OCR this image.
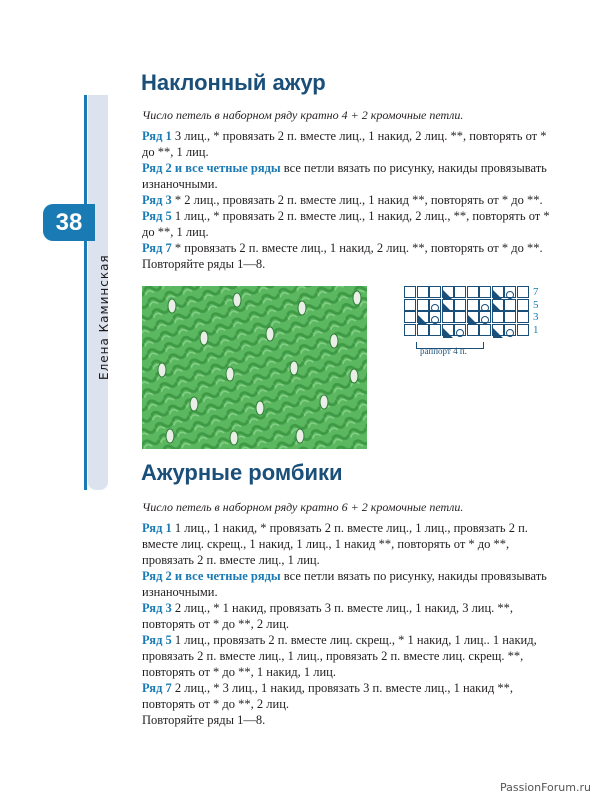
38
Елена Каминская
Наклонный ажур
Число петель в наборном ряду кратно 4 + 2 кромочные петли.

Ряд 1 3 лиц., * провязать 2 п. вместе лиц., 1 накид, 2 лиц. **, повторять от * до **, 1 лиц.

Ряд 2 и все четные ряды все петли вязать по рисунку, накиды провязывать изнаночными.

Ряд 3 * 2 лиц., провязать 2 п. вместе лиц., 1 накид **, повторять от * до **.

Ряд 5 1 лиц., * провязать 2 п. вместе лиц., 1 накид, 2 лиц., **, повторять от * до **, 1 лиц.

Ряд 7 * провязать 2 п. вместе лиц., 1 накид, 2 лиц. **, повторять от * до **.

Повторяйте ряды 1—8.

7
5
3
1
раппорт 4 п.
Ажурные ромбики
Число петель в наборном ряду кратно 6 + 2 кромочные петли.

Ряд 1 1 лиц., 1 накид, * провязать 2 п. вместе лиц., 1 лиц., провязать 2 п. вместе лиц. скрещ., 1 накид, 1 лиц., 1 накид **, повторять от * до **, провязать 2 п. вместе лиц., 1 лиц.

Ряд 2 и все четные ряды все петли вязать по рисунку, накиды провязывать изнаночными.

Ряд 3 2 лиц., * 1 накид, провязать 3 п. вместе лиц., 1 накид, 3 лиц. **, повторять от * до **, 2 лиц.

Ряд 5 1 лиц., провязать 2 п. вместе лиц. скрещ., * 1 накид, 1 лиц.. 1 накид, провязать 2 п. вместе лиц., 1 лиц., провязать 2 п. вместе лиц. скрещ. **, повторять от * до **, 1 накид, 1 лиц.

Ряд 7 2 лиц., * 3 лиц., 1 накид, провязать 3 п. вместе лиц., 1 накид **, повторять от * до **, 2 лиц.

Повторяйте ряды 1—8.

PassionForum.ru
